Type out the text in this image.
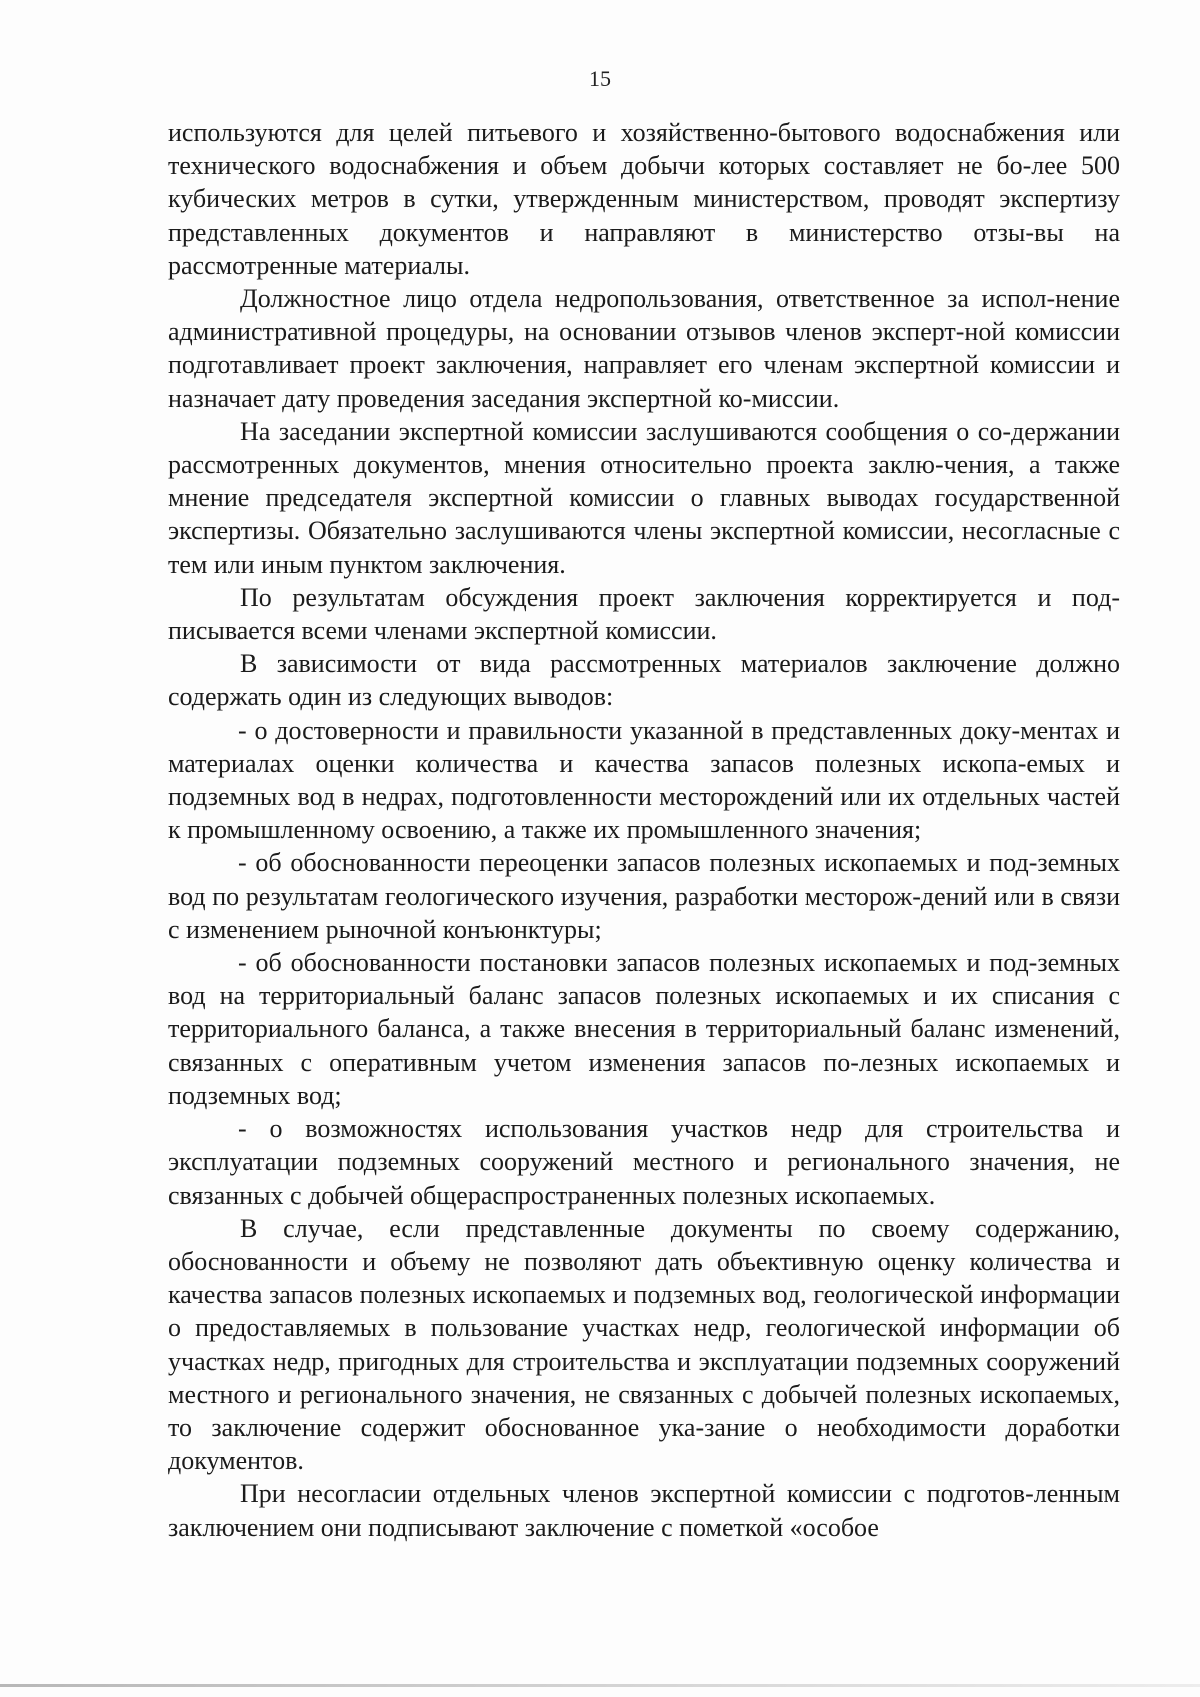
15

используются для целей питьевого и хозяйственно-бытового водоснабжения или технического водоснабжения и объем добычи которых составляет не бо-лее 500 кубических метров в сутки, утвержденным министерством, проводят экспертизу представленных документов и направляют в министерство отзы-вы на рассмотренные материалы.

Должностное лицо отдела недропользования, ответственное за испол-нение административной процедуры, на основании отзывов членов эксперт-ной комиссии подготавливает проект заключения, направляет его членам экспертной комиссии и назначает дату проведения заседания экспертной ко-миссии.

На заседании экспертной комиссии заслушиваются сообщения о со-держании рассмотренных документов, мнения относительно проекта заклю-чения, а также мнение председателя экспертной комиссии о главных выводах государственной экспертизы. Обязательно заслушиваются члены экспертной комиссии, несогласные с тем или иным пунктом заключения.

По результатам обсуждения проект заключения корректируется и под-писывается всеми членами экспертной комиссии.

В зависимости от вида рассмотренных материалов заключение должно содержать один из следующих выводов:

- о достоверности и правильности указанной в представленных доку-ментах и материалах оценки количества и качества запасов полезных ископа-емых и подземных вод в недрах, подготовленности месторождений или их отдельных частей к промышленному освоению, а также их промышленного значения;

- об обоснованности переоценки запасов полезных ископаемых и под-земных вод по результатам геологического изучения, разработки месторож-дений или в связи с изменением рыночной конъюнктуры;

- об обоснованности постановки запасов полезных ископаемых и под-земных вод на территориальный баланс запасов полезных ископаемых и их списания с территориального баланса, а также внесения в территориальный баланс изменений, связанных с оперативным учетом изменения запасов по-лезных ископаемых и подземных вод;

- о возможностях использования участков недр для строительства и эксплуатации подземных сооружений местного и регионального значения, не связанных с добычей общераспространенных полезных ископаемых.

В случае, если представленные документы по своему содержанию, обоснованности и объему не позволяют дать объективную оценку количества и качества запасов полезных ископаемых и подземных вод, геологической информации о предоставляемых в пользование участках недр, геологической информации об участках недр, пригодных для строительства и эксплуатации подземных сооружений местного и регионального значения, не связанных с добычей полезных ископаемых, то заключение содержит обоснованное ука-зание о необходимости доработки документов.

При несогласии отдельных членов экспертной комиссии с подготов-ленным заключением они подписывают заключение с пометкой «особое
